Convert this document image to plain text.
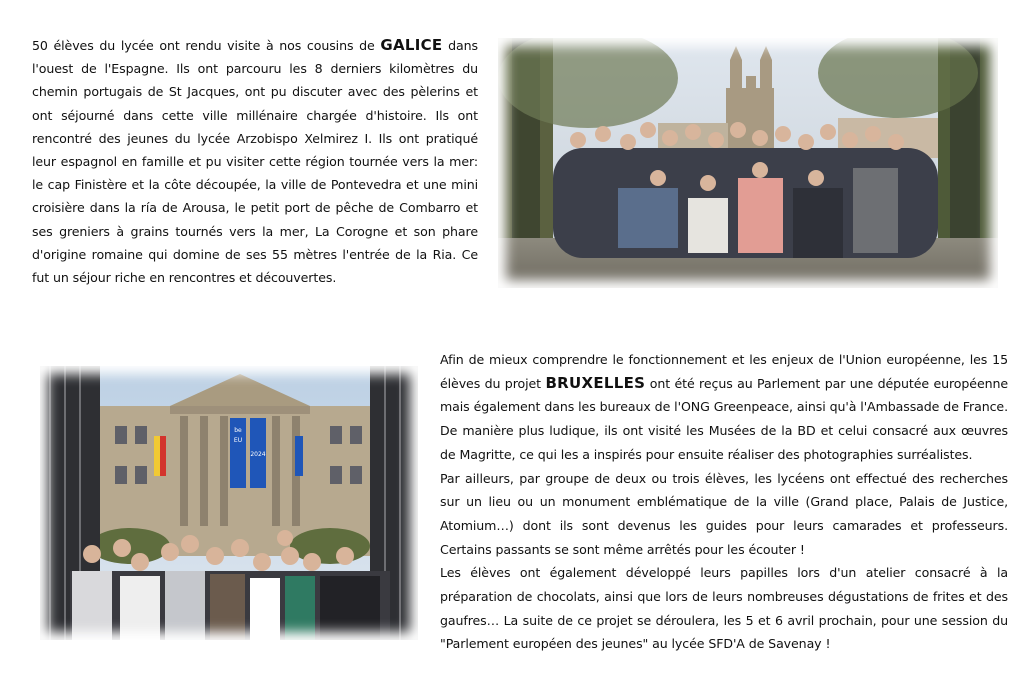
50 élèves du lycée ont rendu visite à nos cousins de GALICE dans l'ouest de l'Espagne. Ils ont parcouru les 8 derniers kilomètres du chemin portugais de St Jacques, ont pu discuter avec des pèlerins et ont séjourné dans cette ville millénaire chargée d'histoire. Ils ont rencontré des jeunes du lycée Arzobispo Xelmirez I. Ils ont pratiqué leur espagnol en famille et pu visiter cette région tournée vers la mer: le cap Finistère et la côte découpée, la ville de Pontevedra et une mini croisière dans la ría de Arousa, le petit port de pêche de Combarro et ses greniers à grains tournés vers la mer, La Corogne et son phare d'origine romaine qui domine de ses 55 mètres l'entrée de la Ria. Ce fut un séjour riche en rencontres et découvertes.

be
EU
2024

Afin de mieux comprendre le fonctionnement et les enjeux de l'Union européenne, les 15 élèves du projet BRUXELLES ont été reçus au Parlement par une députée européenne mais également dans les bureaux de l'ONG Greenpeace, ainsi qu'à l'Ambassade de France. De manière plus ludique, ils ont visité les Musées de la BD et celui consacré aux œuvres de Magritte, ce qui les a inspirés pour ensuite réaliser des photographies surréalistes.

Par ailleurs, par groupe de deux ou trois élèves, les lycéens ont effectué des recherches sur un lieu ou un monument emblématique de la ville (Grand place, Palais de Justice, Atomium…) dont ils sont devenus les guides pour leurs camarades et professeurs. Certains passants se sont même arrêtés pour les écouter !

Les élèves ont également développé leurs papilles lors d'un atelier consacré à la préparation de chocolats, ainsi que lors de leurs nombreuses dégustations de frites et des gaufres… La suite de ce projet se déroulera, les 5 et 6 avril prochain, pour une session du "Parlement européen des jeunes" au lycée SFD'A de Savenay !
